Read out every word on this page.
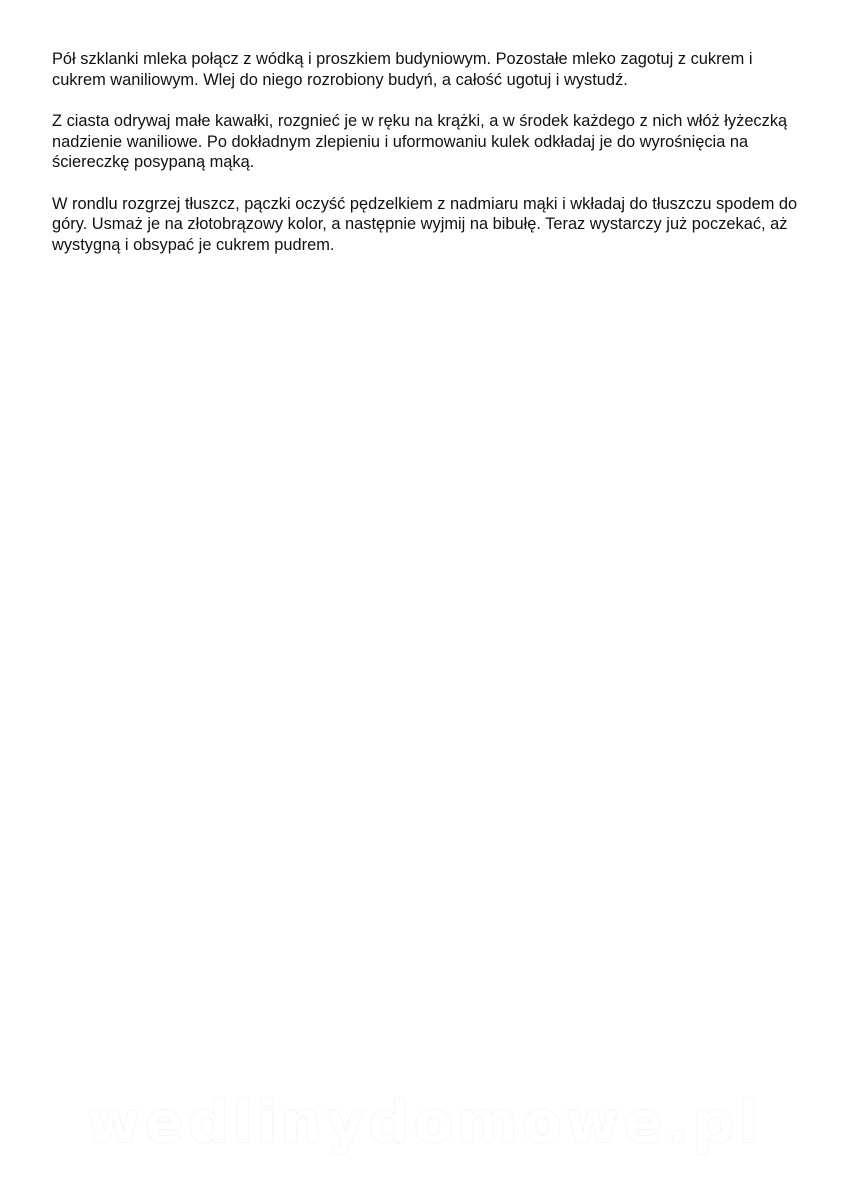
Pół szklanki mleka połącz z wódką i proszkiem budyniowym. Pozostałe mleko zagotuj z cukrem i cukrem waniliowym. Wlej do niego rozrobiony budyń, a całość ugotuj i wystudź.

Z ciasta odrywaj małe kawałki, rozgnieć je w ręku na krążki, a w środek każdego z nich włóż łyżeczką nadzienie waniliowe. Po dokładnym zlepieniu i uformowaniu kulek odkładaj je do wyrośnięcia na ściereczkę posypaną mąką.

W rondlu rozgrzej tłuszcz, pączki oczyść pędzelkiem z nadmiaru mąki i wkładaj do tłuszczu spodem do góry. Usmaż je na złotobrązowy kolor, a następnie wyjmij na bibułę. Teraz wystarczy już poczekać, aż wystygną i obsypać je cukrem pudrem.

wedlinydomowe.pl
